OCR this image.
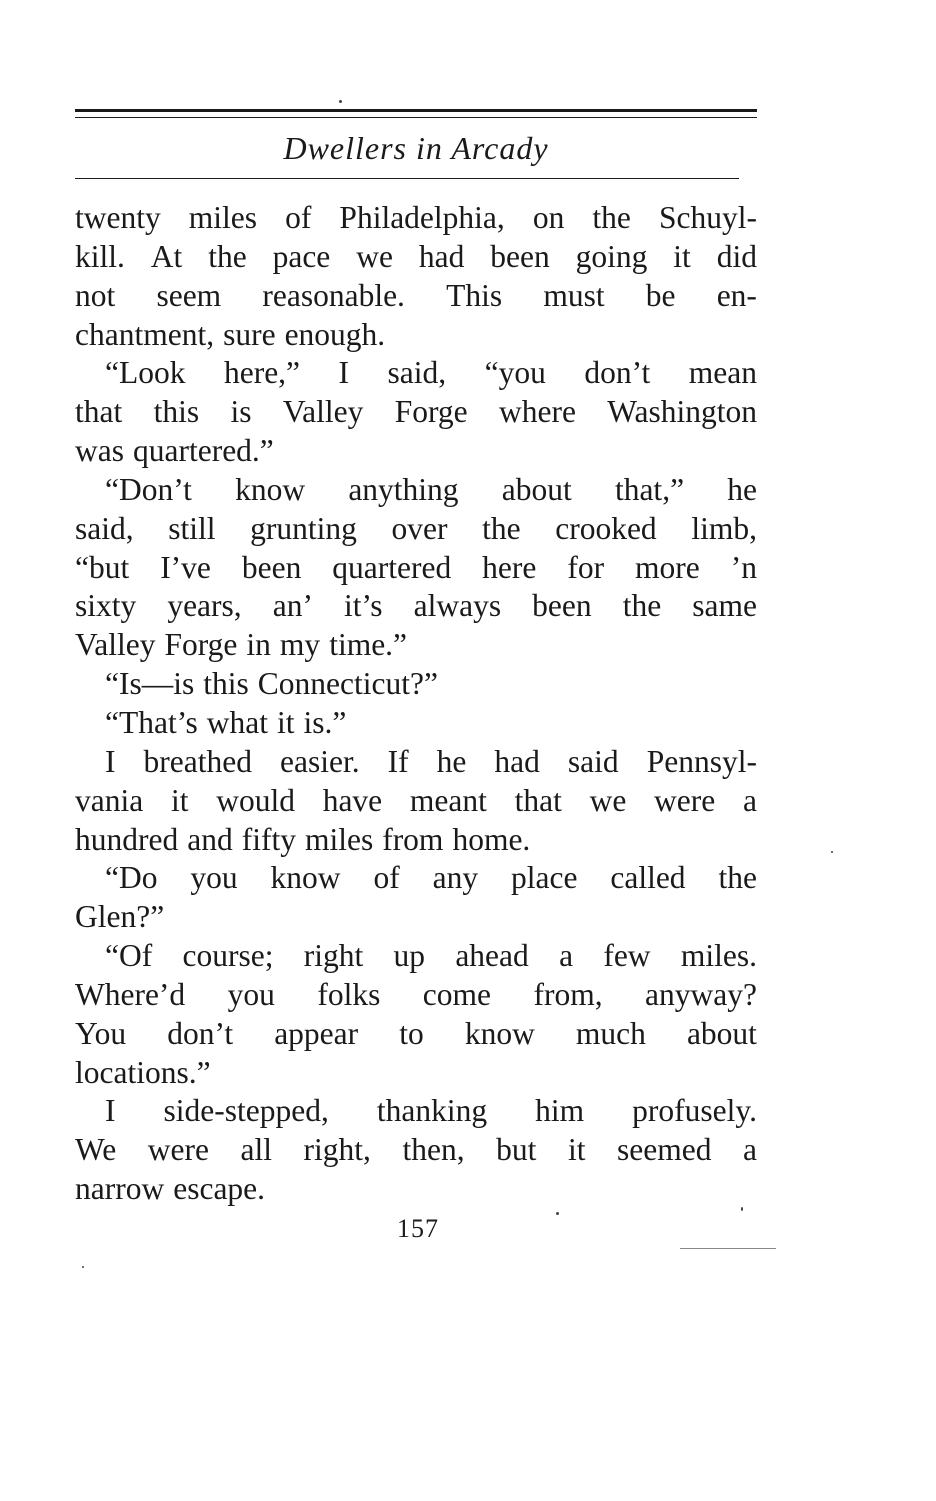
Dwellers in Arcady
twenty miles of Philadelphia, on the Schuyl-
kill. At the pace we had been going it did
not seem reasonable. This must be en-
chantment, sure enough.
“Look here,” I said, “you don’t mean
that this is Valley Forge where Washington
was quartered.”
“Don’t know anything about that,” he
said, still grunting over the crooked limb,
“but I’ve been quartered here for more ’n
sixty years, an’ it’s always been the same
Valley Forge in my time.”
“Is—is this Connecticut?”
“That’s what it is.”
I breathed easier. If he had said Pennsyl-
vania it would have meant that we were a
hundred and fifty miles from home.
“Do you know of any place called the
Glen?”
“Of course; right up ahead a few miles.
Where’d you folks come from, anyway?
You don’t appear to know much about
locations.”
I side-stepped, thanking him profusely.
We were all right, then, but it seemed a
narrow escape.
157
